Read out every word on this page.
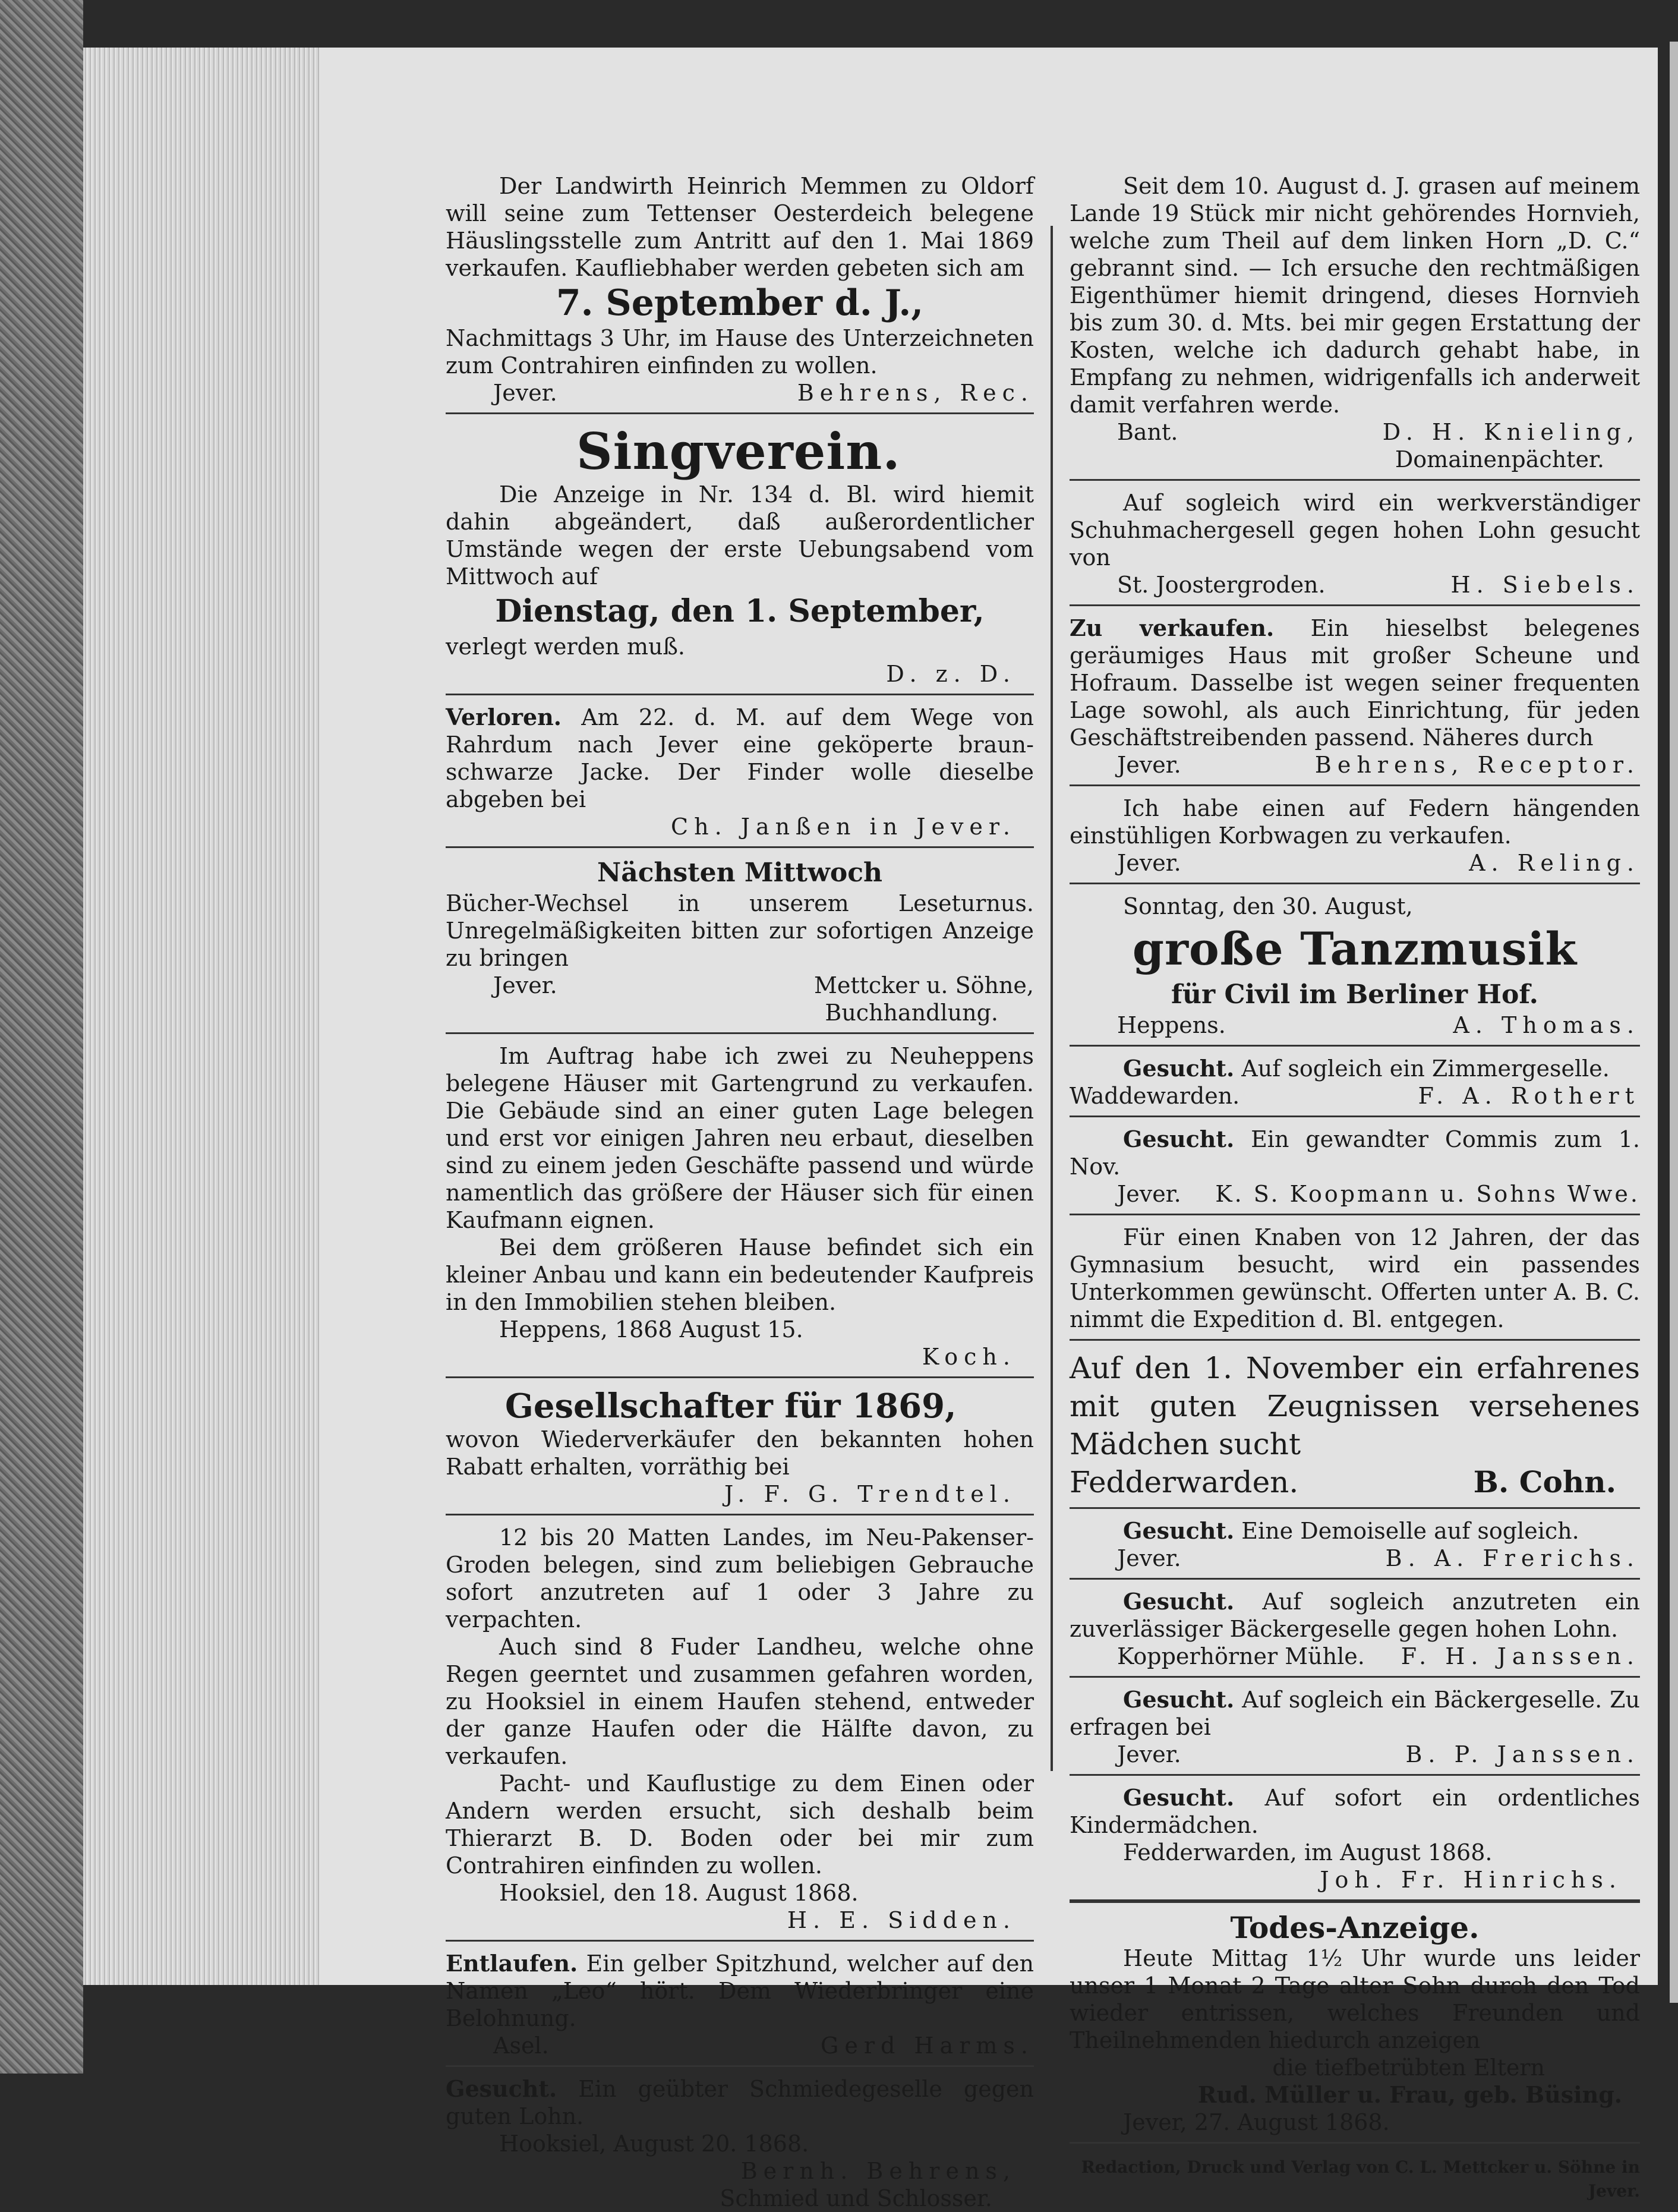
Der Landwirth Heinrich Memmen zu Oldorf will seine zum Tettenser Oesterdeich belegene Häuslingsstelle zum Antritt auf den 1. Mai 1869 verkaufen. Kaufliebhaber werden gebeten sich am

7. September d. J.,

Nachmittags 3 Uhr, im Hause des Unterzeichneten zum Contrahiren einfinden zu wollen.

Jever.	Behrens, Rec.
Singverein.

Die Anzeige in Nr. 134 d. Bl. wird hiemit dahin abgeändert, daß außerordentlicher Umstände wegen der erste Uebungsabend vom Mittwoch auf

Dienstag, den 1. September,

verlegt werden muß.

D. z. D.

Verloren. Am 22. d. M. auf dem Wege von Rahrdum nach Jever eine geköperte braun-schwarze Jacke. Der Finder wolle dieselbe abgeben bei

Ch. Janßen in Jever.
Nächsten Mittwoch

Bücher-Wechsel in unserem Leseturnus. Unregelmäßigkeiten bitten zur sofortigen Anzeige zu bringen

Jever.	Mettcker u. Söhne,
Buchhandlung.

Im Auftrag habe ich zwei zu Neuheppens belegene Häuser mit Gartengrund zu verkaufen. Die Gebäude sind an einer guten Lage belegen und erst vor einigen Jahren neu erbaut, dieselben sind zu einem jeden Geschäfte passend und würde namentlich das größere der Häuser sich für einen Kaufmann eignen.

Bei dem größeren Hause befindet sich ein kleiner Anbau und kann ein bedeutender Kaufpreis in den Immobilien stehen bleiben.

Heppens, 1868 August 15.

Koch.
Gesellschafter für 1869,

wovon Wiederverkäufer den bekannten hohen Rabatt erhalten, vorräthig bei

J. F. G. Trendtel.

12 bis 20 Matten Landes, im Neu-Pakenser-Groden belegen, sind zum beliebigen Gebrauche sofort anzutreten auf 1 oder 3 Jahre zu verpachten.

Auch sind 8 Fuder Landheu, welche ohne Regen geerntet und zusammen gefahren worden, zu Hooksiel in einem Haufen stehend, entweder der ganze Haufen oder die Hälfte davon, zu verkaufen.

Pacht- und Kauflustige zu dem Einen oder Andern werden ersucht, sich deshalb beim Thierarzt B. D. Boden oder bei mir zum Contrahiren einfinden zu wollen.

Hooksiel, den 18. August 1868.

H. E. Sidden.

Entlaufen. Ein gelber Spitzhund, welcher auf den Namen „Leo“ hört. Dem Wiederbringer eine Belohnung.

Asel.	Gerd Harms.

Gesucht. Ein geübter Schmiedegeselle gegen guten Lohn.

Hooksiel, August 20. 1868.

Bernh. Behrens,
Schmied und Schlosser.

Seit dem 10. August d. J. grasen auf meinem Lande 19 Stück mir nicht gehörendes Hornvieh, welche zum Theil auf dem linken Horn „D. C.“ gebrannt sind. — Ich ersuche den rechtmäßigen Eigenthümer hiemit dringend, dieses Hornvieh bis zum 30. d. Mts. bei mir gegen Erstattung der Kosten, welche ich dadurch gehabt habe, in Empfang zu nehmen, widrigenfalls ich anderweit damit verfahren werde.

Bant.	D. H. Knieling,
Domainenpächter.

Auf sogleich wird ein werkverständiger Schuhmachergesell gegen hohen Lohn gesucht von

St. Joostergroden.	H. Siebels.

Zu verkaufen. Ein hieselbst belegenes geräumiges Haus mit großer Scheune und Hofraum. Dasselbe ist wegen seiner frequenten Lage sowohl, als auch Einrichtung, für jeden Geschäftstreibenden passend. Näheres durch

Jever.	Behrens, Receptor.

Ich habe einen auf Federn hängenden einstühligen Korbwagen zu verkaufen.

Jever.	A. Reling.

Sonntag, den 30. August,

große Tanzmusik
für Civil im Berliner Hof.
Heppens.	A. Thomas.

Gesucht. Auf sogleich ein Zimmergeselle.

Waddewarden.	F. A. Rothert

Gesucht. Ein gewandter Commis zum 1. Nov.

Jever. K. S. Koopmann u. Sohns Wwe.

Für einen Knaben von 12 Jahren, der das Gymnasium besucht, wird ein passendes Unterkommen gewünscht. Offerten unter A. B. C. nimmt die Expedition d. Bl. entgegen.

Auf den 1. November ein erfahrenes mit guten Zeugnissen versehenes Mädchen sucht

Fedderwarden.	B. Cohn.

Gesucht. Eine Demoiselle auf sogleich.

Jever.	B. A. Frerichs.

Gesucht. Auf sogleich anzutreten ein zuverlässiger Bäckergeselle gegen hohen Lohn.

Kopperhörner Mühle. F. H. Janssen.

Gesucht. Auf sogleich ein Bäckergeselle. Zu erfragen bei

Jever.	B. P. Janssen.

Gesucht. Auf sofort ein ordentliches Kindermädchen.

Fedderwarden, im August 1868.

Joh. Fr. Hinrichs.
Todes-Anzeige.

Heute Mittag 1½ Uhr wurde uns leider unser 1 Monat 2 Tage alter Sohn durch den Tod wieder entrissen, welches Freunden und Theilnehmenden hiedurch anzeigen

die tiefbetrübten Eltern
Rud. Müller u. Frau, geb. Büsing.

Jever, 27. August 1868.

Redaction, Druck und Verlag von C. L. Mettcker u. Söhne in Jever.
